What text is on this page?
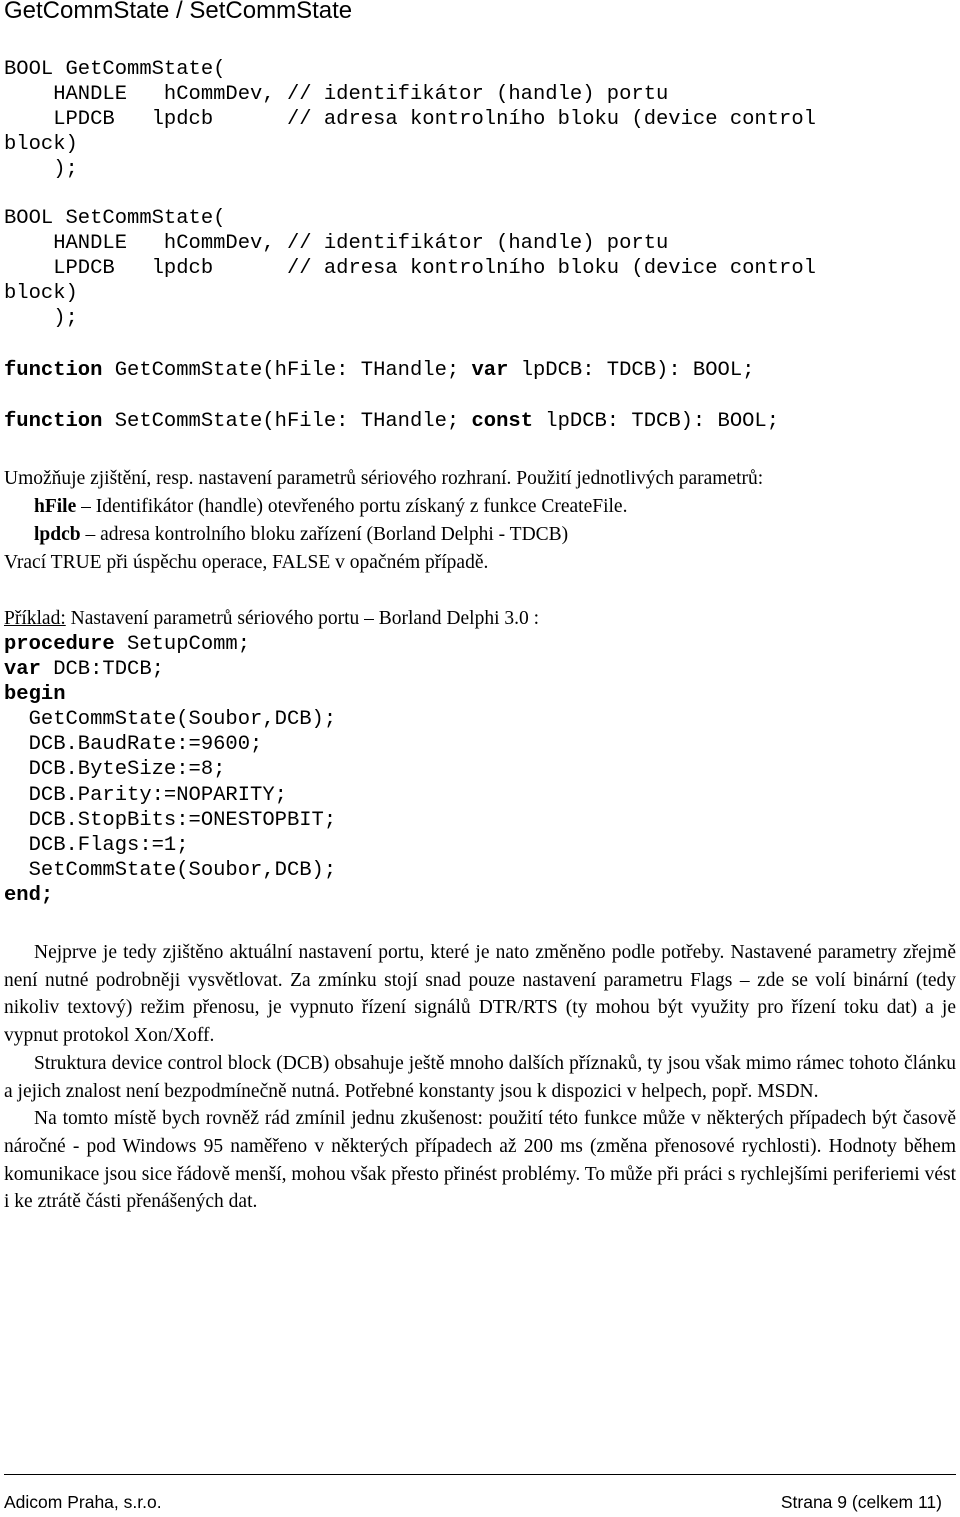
GetCommState / SetCommState
BOOL GetCommState(
HANDLE   hCommDev, // identifikátor (handle) portu
LPDCB   lpdcb      // adresa kontrolního bloku (device control
block)
);

BOOL SetCommState(
HANDLE   hCommDev, // identifikátor (handle) portu
LPDCB   lpdcb      // adresa kontrolního bloku (device control
block)
);
function GetCommState(hFile: THandle; var lpDCB: TDCB): BOOL;
function SetCommState(hFile: THandle; const lpDCB: TDCB): BOOL;

Umožňuje zjištění, resp. nastavení parametrů sériového rozhraní. Použití jednotlivých parametrů:

hFile – Identifikátor (handle) otevřeného portu získaný z funkce CreateFile.

lpdcb – adresa kontrolního bloku zařízení (Borland Delphi - TDCB)

Vrací TRUE při úspěchu operace, FALSE v opačném případě.

Příklad: Nastavení parametrů sériového portu – Borland Delphi 3.0 :
procedure SetupComm;
var DCB:TDCB;
begin
GetCommState(Soubor,DCB);
DCB.BaudRate:=9600;
DCB.ByteSize:=8;
DCB.Parity:=NOPARITY;
DCB.StopBits:=ONESTOPBIT;
DCB.Flags:=1;
SetCommState(Soubor,DCB);
end;

Nejprve je tedy zjištěno aktuální nastavení portu, které je nato změněno podle potřeby. Nastavené parametry zřejmě není nutné podrobněji vysvětlovat. Za zmínku stojí snad pouze nastavení parametru Flags – zde se volí binární (tedy nikoliv textový) režim přenosu, je vypnuto řízení signálů DTR/RTS (ty mohou být využity pro řízení toku dat) a je vypnut protokol Xon/Xoff.

Struktura device control block (DCB) obsahuje ještě mnoho dalších příznaků, ty jsou však mimo rámec tohoto článku a jejich znalost není bezpodmínečně nutná. Potřebné konstanty jsou k dispozici v helpech, popř. MSDN.

Na tomto místě bych rovněž rád zmínil jednu zkušenost: použití této funkce může v některých případech být časově náročné - pod Windows 95 naměřeno v některých případech až 200 ms (změna přenosové rychlosti). Hodnoty během komunikace jsou sice řádově menší, mohou však přesto přinést problémy. To může při práci s rychlejšími periferiemi vést i ke ztrátě části přenášených dat.

Adicom Praha, s.r.o.	Strana 9 (celkem 11)
